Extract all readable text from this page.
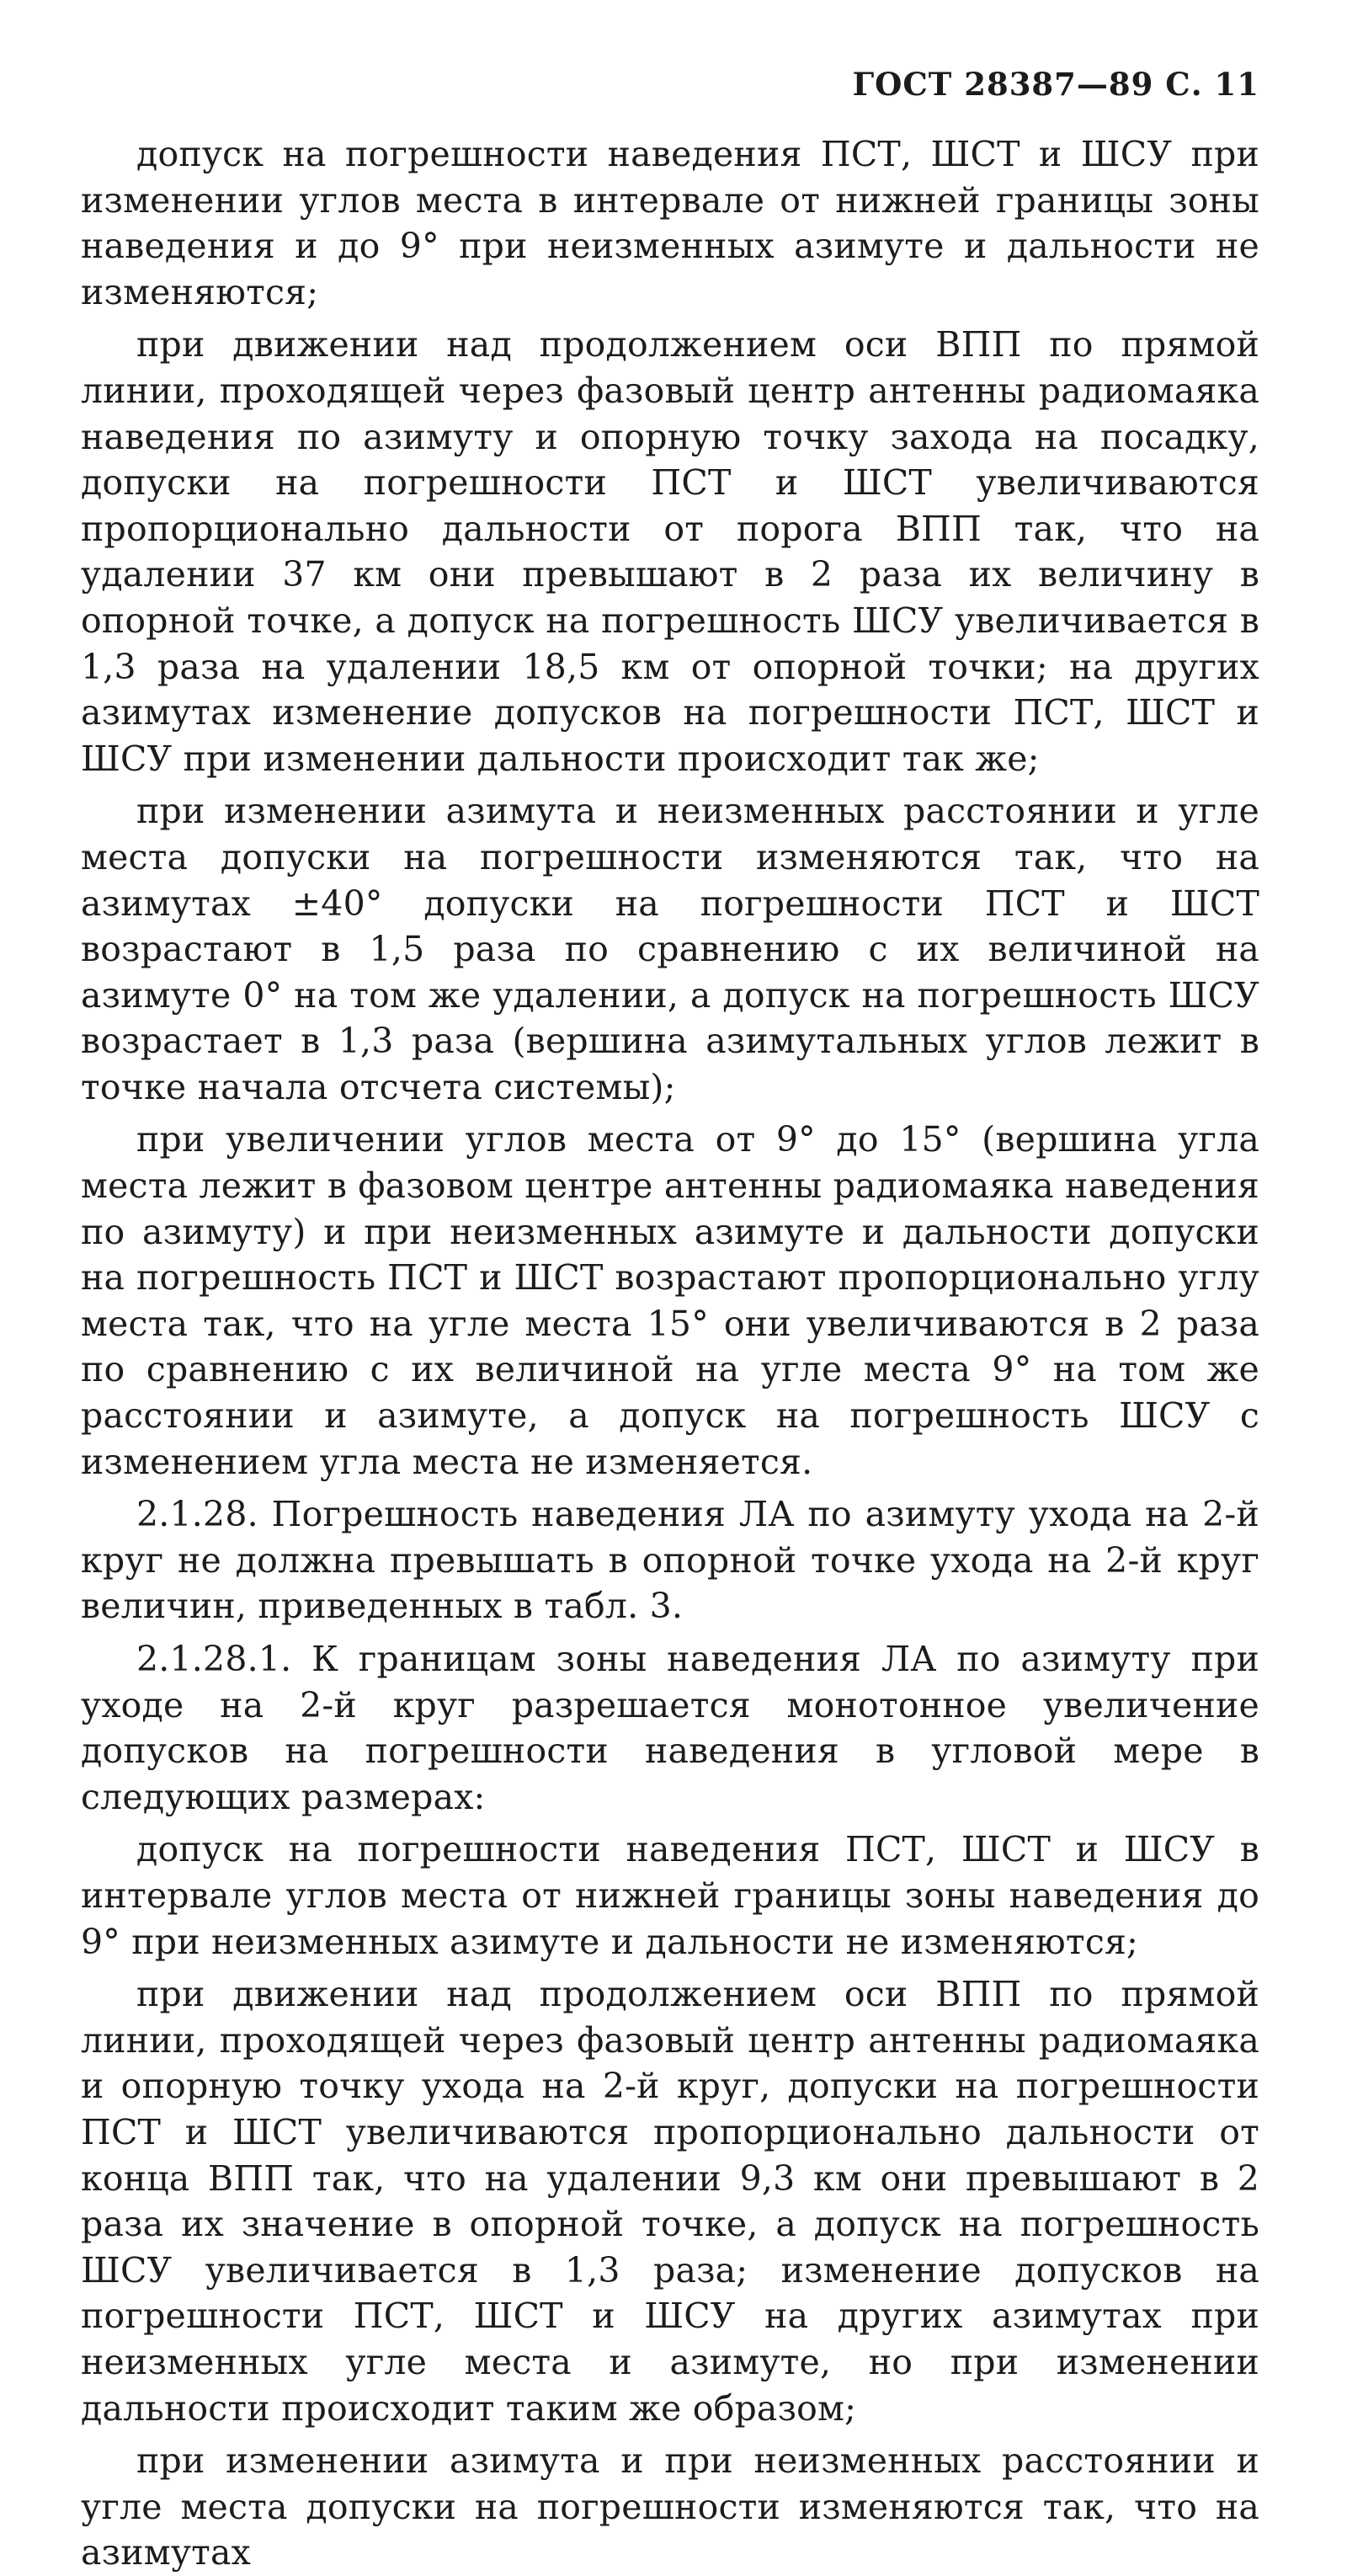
ГОСТ 28387—89 С. 11

допуск на погрешности наведения ПСТ, ШСТ и ШСУ при изменении углов места в интервале от нижней границы зоны наведения и до 9° при неизменных азимуте и дальности не изменяются;

при движении над продолжением оси ВПП по прямой линии, проходящей через фазовый центр антенны радиомаяка наведения по азимуту и опорную точку захода на посадку, допуски на погрешности ПСТ и ШСТ увеличиваются пропорционально дальности от порога ВПП так, что на удалении 37 км они превышают в 2 раза их величину в опорной точке, а допуск на погрешность ШСУ увеличивается в 1,3 раза на удалении 18,5 км от опорной точки; на других азимутах изменение допусков на погрешности ПСТ, ШСТ и ШСУ при изменении дальности происходит так же;

при изменении азимута и неизменных расстоянии и угле места допуски на погрешности изменяются так, что на азимутах ±40° допуски на погрешности ПСТ и ШСТ возрастают в 1,5 раза по сравнению с их величиной на азимуте 0° на том же удалении, а допуск на погрешность ШСУ возрастает в 1,3 раза (вершина азимутальных углов лежит в точке начала отсчета системы);

при увеличении углов места от 9° до 15° (вершина угла места лежит в фазовом центре антенны радиомаяка наведения по азимуту) и при неизменных азимуте и дальности допуски на погрешность ПСТ и ШСТ возрастают пропорционально углу места так, что на угле места 15° они увеличиваются в 2 раза по сравнению с их величиной на угле места 9° на том же расстоянии и азимуте, а допуск на погрешность ШСУ с изменением угла места не изменяется.

2.1.28. Погрешность наведения ЛА по азимуту ухода на 2-й круг не должна превышать в опорной точке ухода на 2-й круг величин, приведенных в табл. 3.

2.1.28.1. К границам зоны наведения ЛА по азимуту при уходе на 2-й круг разрешается монотонное увеличение допусков на погрешности наведения в угловой мере в следующих размерах:

допуск на погрешности наведения ПСТ, ШСТ и ШСУ в интервале углов места от нижней границы зоны наведения до 9° при неизменных азимуте и дальности не изменяются;

при движении над продолжением оси ВПП по прямой линии, проходящей через фазовый центр антенны радиомаяка и опорную точку ухода на 2-й круг, допуски на погрешности ПСТ и ШСТ увеличиваются пропорционально дальности от конца ВПП так, что на удалении 9,3 км они превышают в 2 раза их значение в опорной точке, а допуск на погрешность ШСУ увеличивается в 1,3 раза; изменение допусков на погрешности ПСТ, ШСТ и ШСУ на других азимутах при неизменных угле места и азимуте, но при изменении дальности происходит таким же образом;

при изменении азимута и при неизменных расстоянии и угле места допуски на погрешности изменяются так, что на азимутах
